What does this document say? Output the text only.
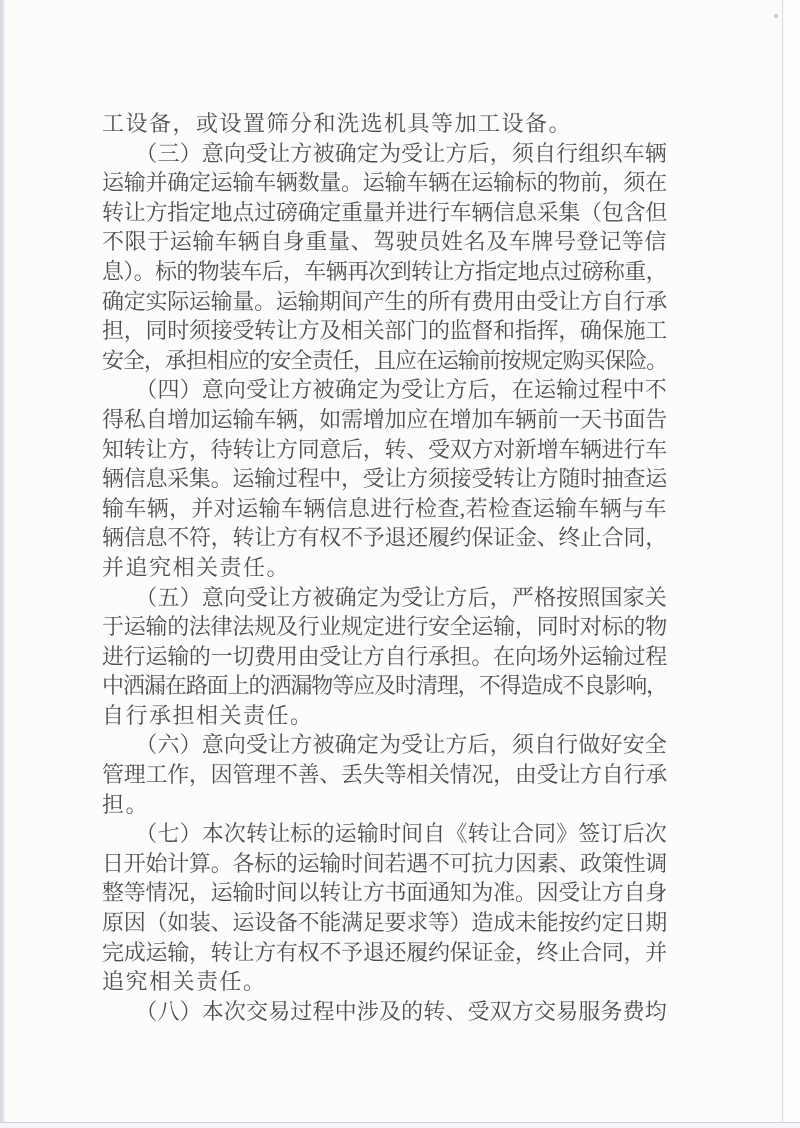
工设备，或设置筛分和洗选机具等加工设备。
　　（三）意向受让方被确定为受让方后，须自行组织车辆
运输并确定运输车辆数量。运输车辆在运输标的物前，须在
转让方指定地点过磅确定重量并进行车辆信息采集（包含但
不限于运输车辆自身重量、驾驶员姓名及车牌号登记等信
息）。标的物装车后，车辆再次到转让方指定地点过磅称重，
确定实际运输量。运输期间产生的所有费用由受让方自行承
担，同时须接受转让方及相关部门的监督和指挥，确保施工
安全，承担相应的安全责任，且应在运输前按规定购买保险。
　　（四）意向受让方被确定为受让方后，在运输过程中不
得私自增加运输车辆，如需增加应在增加车辆前一天书面告
知转让方，待转让方同意后，转、受双方对新增车辆进行车
辆信息采集。运输过程中，受让方须接受转让方随时抽查运
输车辆，并对运输车辆信息进行检查,若检查运输车辆与车
辆信息不符，转让方有权不予退还履约保证金、终止合同，
并追究相关责任。
　　（五）意向受让方被确定为受让方后，严格按照国家关
于运输的法律法规及行业规定进行安全运输，同时对标的物
进行运输的一切费用由受让方自行承担。在向场外运输过程
中洒漏在路面上的洒漏物等应及时清理，不得造成不良影响，
自行承担相关责任。
　　（六）意向受让方被确定为受让方后，须自行做好安全
管理工作，因管理不善、丢失等相关情况，由受让方自行承
担。
　　（七）本次转让标的运输时间自《转让合同》签订后次
日开始计算。各标的运输时间若遇不可抗力因素、政策性调
整等情况，运输时间以转让方书面通知为准。因受让方自身
原因（如装、运设备不能满足要求等）造成未能按约定日期
完成运输，转让方有权不予退还履约保证金，终止合同，并
追究相关责任。
　　（八）本次交易过程中涉及的转、受双方交易服务费均
